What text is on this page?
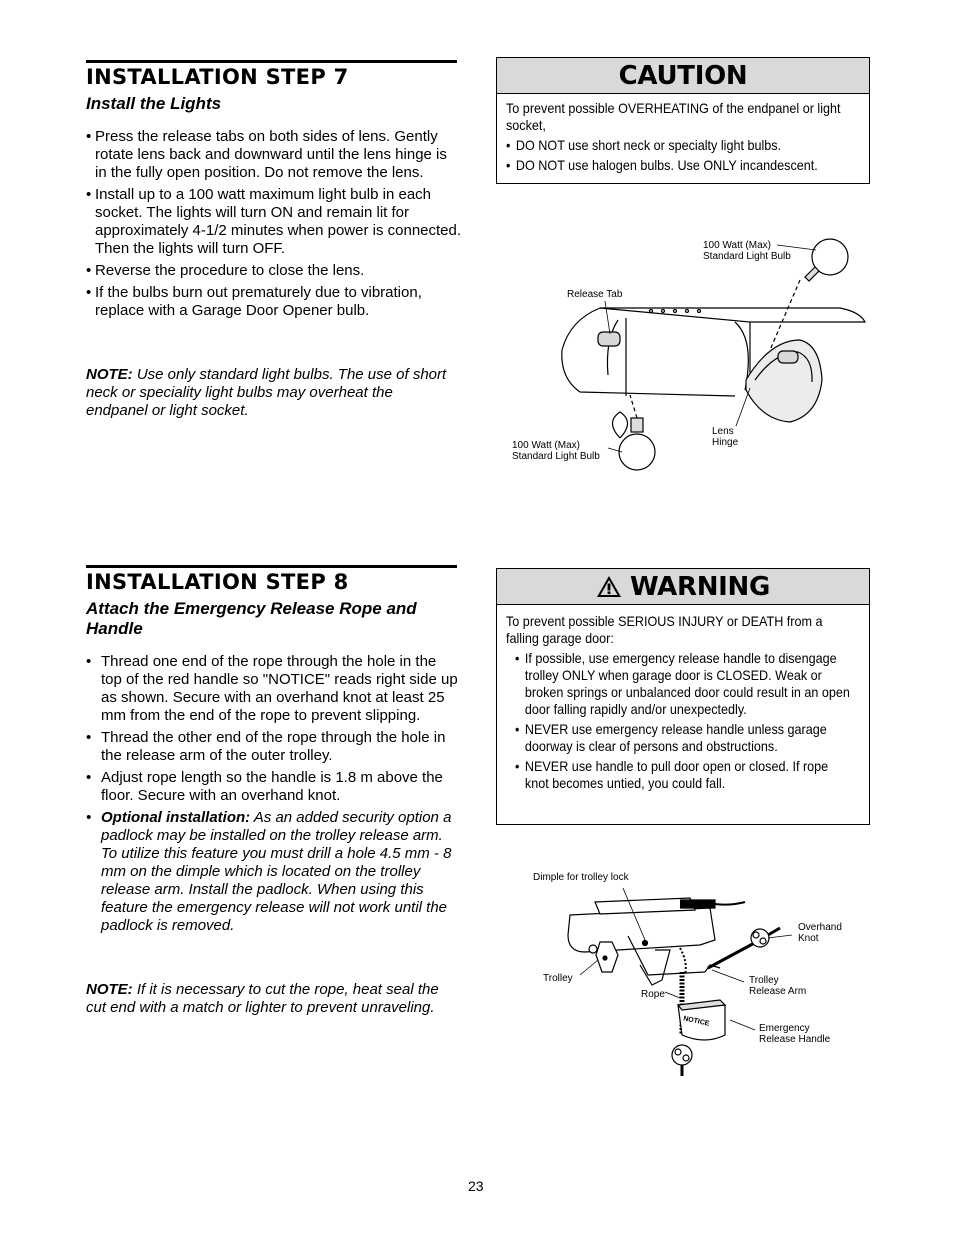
INSTALLATION STEP 7
Install the Lights
• Press the release tabs on both sides of lens. Gently rotate lens back and downward until the lens hinge is in the fully open position. Do not remove the lens.
• Install up to a 100 watt maximum light bulb in each socket. The lights will turn ON and remain lit for approximately 4-1/2 minutes when power is connected. Then the lights will turn OFF.
• Reverse the procedure to close the lens.
• If the bulbs burn out prematurely due to vibration, replace with a Garage Door Opener bulb.
NOTE: Use only standard light bulbs. The use of short neck or speciality light bulbs may overheat the endpanel or light socket.
CAUTION
To prevent possible OVERHEATING of the endpanel or light socket,
• DO NOT use short neck or specialty light bulbs.
• DO NOT use halogen bulbs. Use ONLY incandescent.
100 Watt (Max)
Standard Light Bulb
Release Tab
Lens
Hinge
100 Watt (Max)
Standard Light Bulb
INSTALLATION STEP 8
Attach the Emergency Release Rope and Handle
• Thread one end of the rope through the hole in the top of the red handle so "NOTICE" reads right side up as shown. Secure with an overhand knot at least 25 mm from the end of the rope to prevent slipping.
• Thread the other end of the rope through the hole in the release arm of the outer trolley.
• Adjust rope length so the handle is 1.8 m above the floor. Secure with an overhand knot.
• Optional installation: As an added security option a padlock may be installed on the trolley release arm. To utilize this feature you must drill a hole 4.5 mm - 8 mm on the dimple which is located on the trolley release arm. Install the padlock. When using this feature the emergency release will not work until the padlock is removed.
NOTE: If it is necessary to cut the rope, heat seal the cut end with a match or lighter to prevent unraveling.
WARNING
To prevent possible SERIOUS INJURY or DEATH from a falling garage door:
• If possible, use emergency release handle to disengage trolley ONLY when garage door is CLOSED. Weak or broken springs or unbalanced door could result in an open door falling rapidly and/or unexpectedly.
• NEVER use emergency release handle unless garage doorway is clear of persons and obstructions.
• NEVER use handle to pull door open or closed. If rope knot becomes untied, you could fall.
Dimple for trolley lock
Overhand
Knot
Trolley
Rope
Trolley
Release Arm
NOTICE
Emergency
Release Handle
23
